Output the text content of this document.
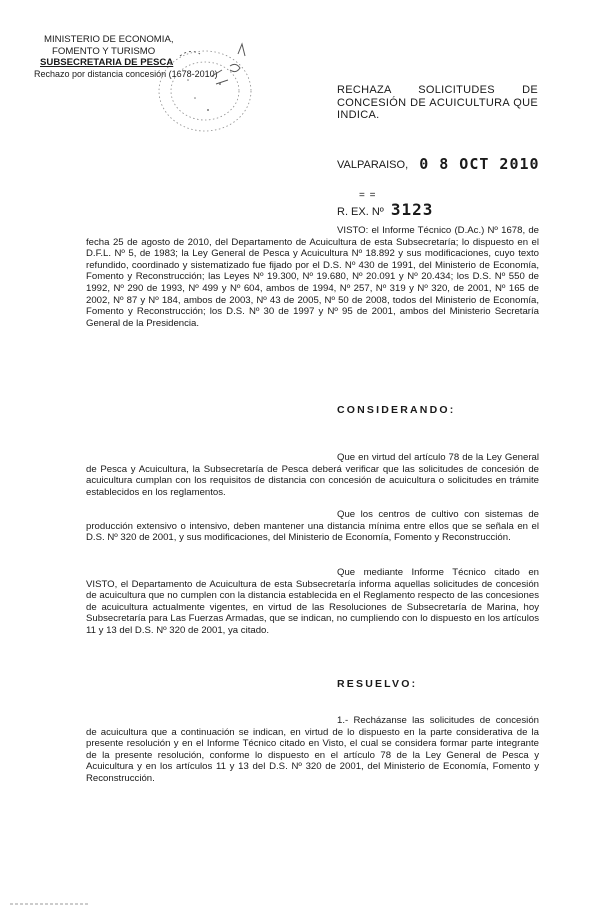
MINISTERIO DE ECONOMIA,
FOMENTO Y TURISMO
SUBSECRETARIA DE PESCA
Rechazo por distancia concesión (1678-2010)
RECHAZA SOLICITUDES DE CONCESIÓN DE ACUICULTURA QUE INDICA.
VALPARAISO, 0 8 OCT 2010
= =
R. EX. Nº 3123
VISTO: el Informe Técnico (D.Ac.) Nº 1678, de fecha 25 de agosto de 2010, del Departamento de Acuicultura de esta Subsecretaría; lo dispuesto en el D.F.L. Nº 5, de 1983; la Ley General de Pesca y Acuicultura Nº 18.892 y sus modificaciones, cuyo texto refundido, coordinado y sistematizado fue fijado por el D.S. Nº 430 de 1991, del Ministerio de Economía, Fomento y Reconstrucción; las Leyes Nº 19.300, Nº 19.680, Nº 20.091 y Nº 20.434; los D.S. Nº 550 de 1992, Nº 290 de 1993, Nº 499 y Nº 604, ambos de 1994, Nº 257, Nº 319 y Nº 320, de 2001, Nº 165 de 2002, Nº 87 y Nº 184, ambos de 2003, Nº 43 de 2005, Nº 50 de 2008, todos del Ministerio de Economía, Fomento y Reconstrucción; los D.S. Nº 30 de 1997 y Nº 95 de 2001, ambos del Ministerio Secretaría General de la Presidencia.
CONSIDERANDO:
Que en virtud del artículo 78 de la Ley General de Pesca y Acuicultura, la Subsecretaría de Pesca deberá verificar que las solicitudes de concesión de acuicultura cumplan con los requisitos de distancia con concesión de acuicultura o solicitudes en trámite establecidos en los reglamentos.
Que los centros de cultivo con sistemas de producción extensivo o intensivo, deben mantener una distancia mínima entre ellos que se señala en el D.S. Nº 320 de 2001, y sus modificaciones, del Ministerio de Economía, Fomento y Reconstrucción.
Que mediante Informe Técnico citado en VISTO, el Departamento de Acuicultura de esta Subsecretaría informa aquellas solicitudes de concesión de acuicultura que no cumplen con la distancia establecida en el Reglamento respecto de las concesiones de acuicultura actualmente vigentes, en virtud de las Resoluciones de Subsecretaría de Marina, hoy Subsecretaría para Las Fuerzas Armadas, que se indican, no cumpliendo con lo dispuesto en los artículos 11 y 13 del D.S. Nº 320 de 2001, ya citado.
RESUELVO:
1.- Recházanse las solicitudes de concesión de acuicultura que a continuación se indican, en virtud de lo dispuesto en la parte considerativa de la presente resolución y en el Informe Técnico citado en Visto, el cual se considera formar parte integrante de la presente resolución, conforme lo dispuesto en el artículo 78 de la Ley General de Pesca y Acuicultura y en los artículos 11 y 13 del D.S. Nº 320 de 2001, del Ministerio de Economía, Fomento y Reconstrucción.
